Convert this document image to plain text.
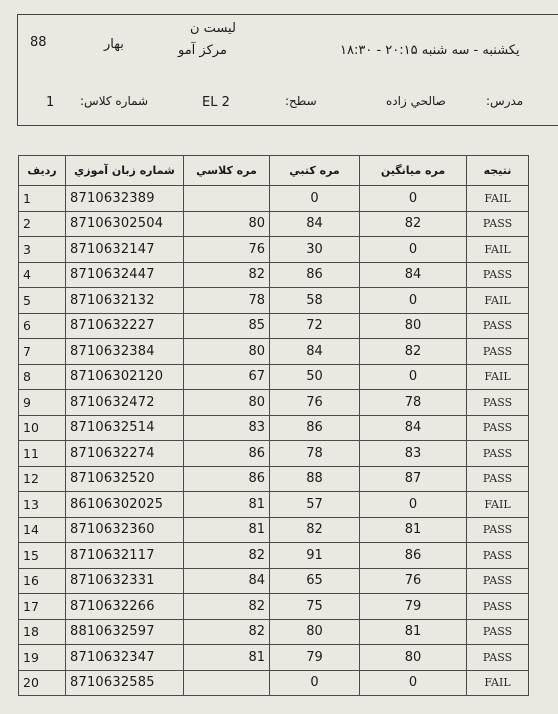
88	بهار
لیست ن
مرکز آمو	یکشنبه - سه شنبه ۲۰:۱۵ - ۱۸:۳۰
1 شماره کلاس:	EL 2	سطح:	صالحي زاده	مدرس:
رديف	شماره زبان آموزي	مره کلاسي	مره کتبي	مره ميانگين	نتيجه
1	8710632389		0	0	FAIL
2	87106302504	80	84	82	PASS
3	8710632147	76	30	0	FAIL
4	8710632447	82	86	84	PASS
5	8710632132	78	58	0	FAIL
6	8710632227	85	72	80	PASS
7	8710632384	80	84	82	PASS
8	87106302120	67	50	0	FAIL
9	8710632472	80	76	78	PASS
10	8710632514	83	86	84	PASS
11	8710632274	86	78	83	PASS
12	8710632520	86	88	87	PASS
13	86106302025	81	57	0	FAIL
14	8710632360	81	82	81	PASS
15	8710632117	82	91	86	PASS
16	8710632331	84	65	76	PASS
17	8710632266	82	75	79	PASS
18	8810632597	82	80	81	PASS
19	8710632347	81	79	80	PASS
20	8710632585		0	0	FAIL
